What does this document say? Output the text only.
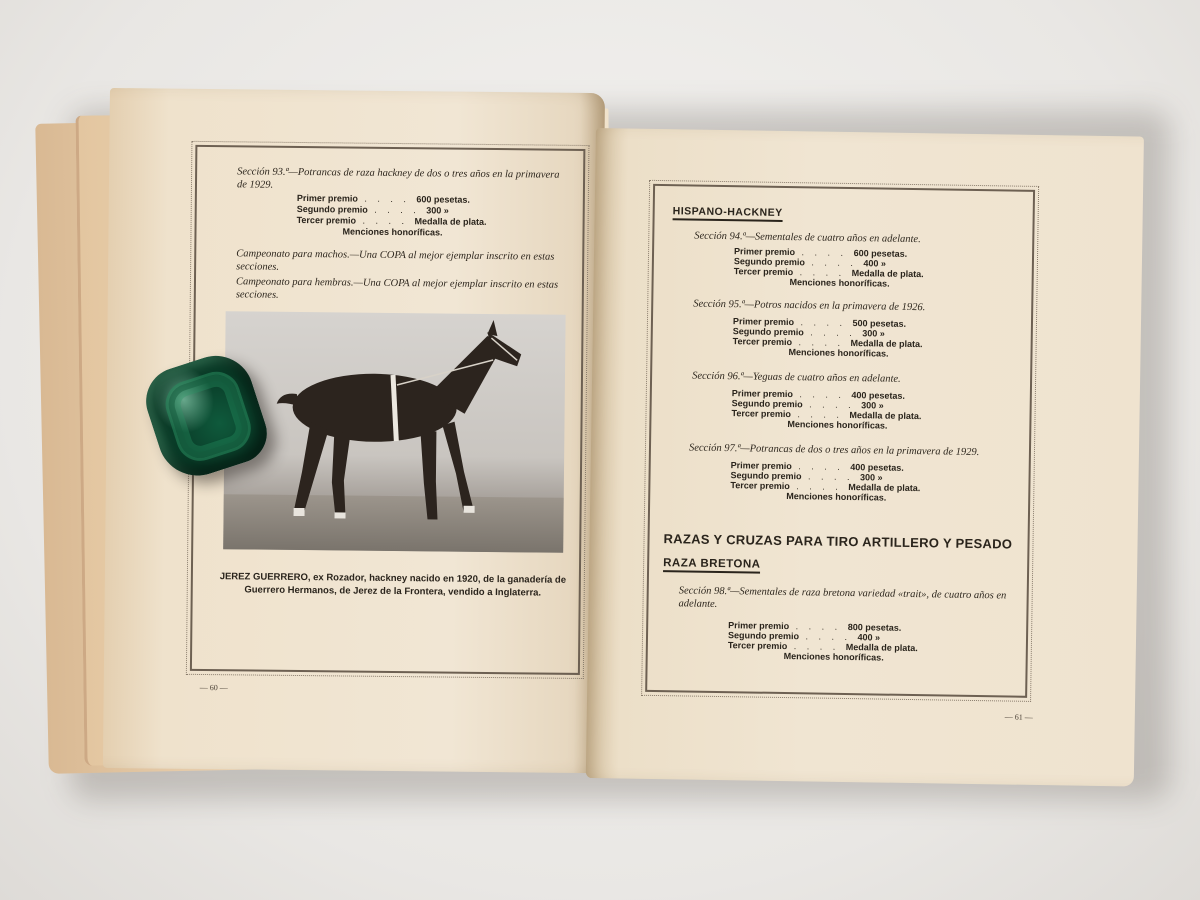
Sección 93.ª—Potrancas de raza hackney de dos o tres años en la primavera de 1929.
Primer premio . . . . 600 pesetas.
Segundo premio . . . . 300 »
Tercer premio . . . . Medalla de plata.
Menciones honoríficas.
Campeonato para machos.—Una COPA al mejor ejemplar inscrito en estas secciones.
Campeonato para hembras.—Una COPA al mejor ejemplar inscrito en estas secciones.
JEREZ GUERRERO, ex Rozador, hackney nacido en 1920, de la ganadería de Guerrero Hermanos, de Jerez de la Frontera, vendido a Inglaterra.
— 60 —
HISPANO-HACKNEY
Sección 94.ª—Sementales de cuatro años en adelante.
Primer premio . . . . 600 pesetas.
Segundo premio . . . . 400 »
Tercer premio . . . . Medalla de plata.
Menciones honoríficas.
Sección 95.ª—Potros nacidos en la primavera de 1926.
Primer premio . . . . 500 pesetas.
Segundo premio . . . . 300 »
Tercer premio . . . . Medalla de plata.
Menciones honoríficas.
Sección 96.ª—Yeguas de cuatro años en adelante.
Primer premio . . . . 400 pesetas.
Segundo premio . . . . 300 »
Tercer premio . . . . Medalla de plata.
Menciones honoríficas.
Sección 97.ª—Potrancas de dos o tres años en la primavera de 1929.
Primer premio . . . . 400 pesetas.
Segundo premio . . . . 300 »
Tercer premio . . . . Medalla de plata.
Menciones honoríficas.
RAZAS Y CRUZAS PARA TIRO ARTILLERO Y PESADO
RAZA BRETONA
Sección 98.ª—Sementales de raza bretona variedad «trait», de cuatro años en adelante.
Primer premio . . . . 800 pesetas.
Segundo premio . . . . 400 »
Tercer premio . . . . Medalla de plata.
Menciones honoríficas.
— 61 —
